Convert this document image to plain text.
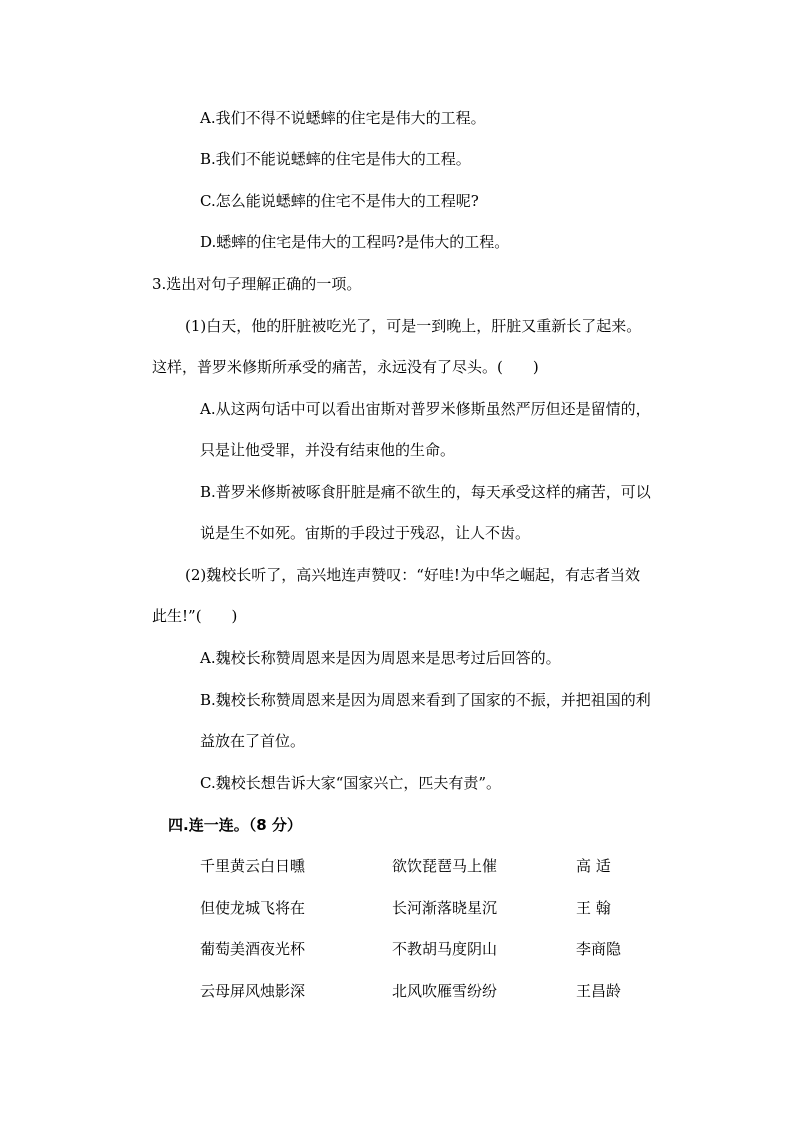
A.我们不得不说蟋蟀的住宅是伟大的工程。
B.我们不能说蟋蟀的住宅是伟大的工程。
C.怎么能说蟋蟀的住宅不是伟大的工程呢?
D.蟋蟀的住宅是伟大的工程吗?是伟大的工程。
3.选出对句子理解正确的一项。
(1)白天，他的肝脏被吃光了，可是一到晚上，肝脏又重新长了起来。
这样，普罗米修斯所承受的痛苦，永远没有了尽头。(　　)
A.从这两句话中可以看出宙斯对普罗米修斯虽然严厉但还是留情的，
只是让他受罪，并没有结束他的生命。
B.普罗米修斯被啄食肝脏是痛不欲生的，每天承受这样的痛苦，可以
说是生不如死。宙斯的手段过于残忍，让人不齿。
(2)魏校长听了，高兴地连声赞叹：“好哇!为中华之崛起，有志者当效
此生!”(　　)
A.魏校长称赞周恩来是因为周恩来是思考过后回答的。
B.魏校长称赞周恩来是因为周恩来看到了国家的不振，并把祖国的利
益放在了首位。
C.魏校长想告诉大家“国家兴亡，匹夫有责”。
四.连一连。（8 分）
千里黄云白日曛
但使龙城飞将在
葡萄美酒夜光杯
云母屏风烛影深
欲饮琵琶马上催
长河渐落晓星沉
不教胡马度阴山
北风吹雁雪纷纷
高 适
王 翰
李商隐
王昌龄
